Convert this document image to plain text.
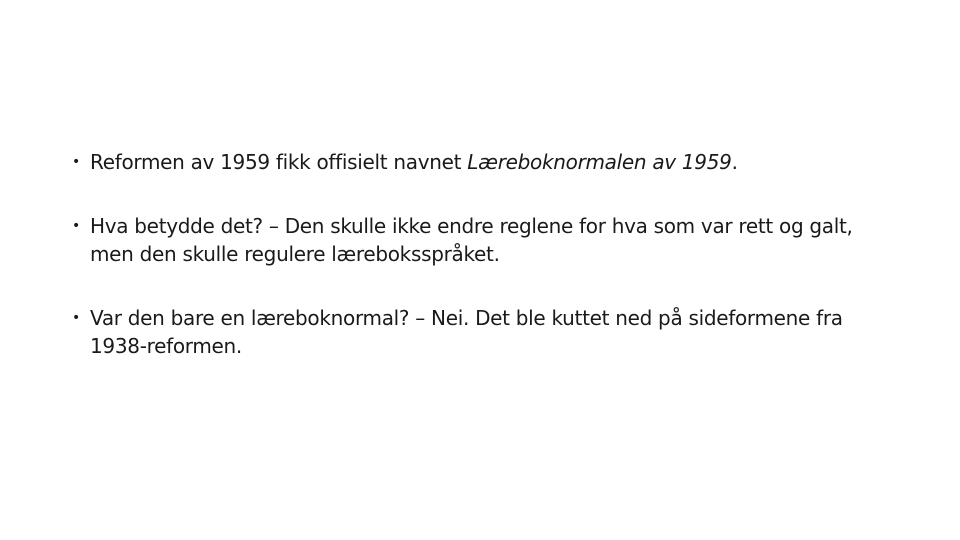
• Reformen av 1959 fikk offisielt navnet Læreboknormalen av 1959.
• Hva betydde det? – Den skulle ikke endre reglene for hva som var rett og galt, men den skulle regulere læreboksspråket.
• Var den bare en læreboknormal? – Nei. Det ble kuttet ned på sideformene fra 1938-reformen.
